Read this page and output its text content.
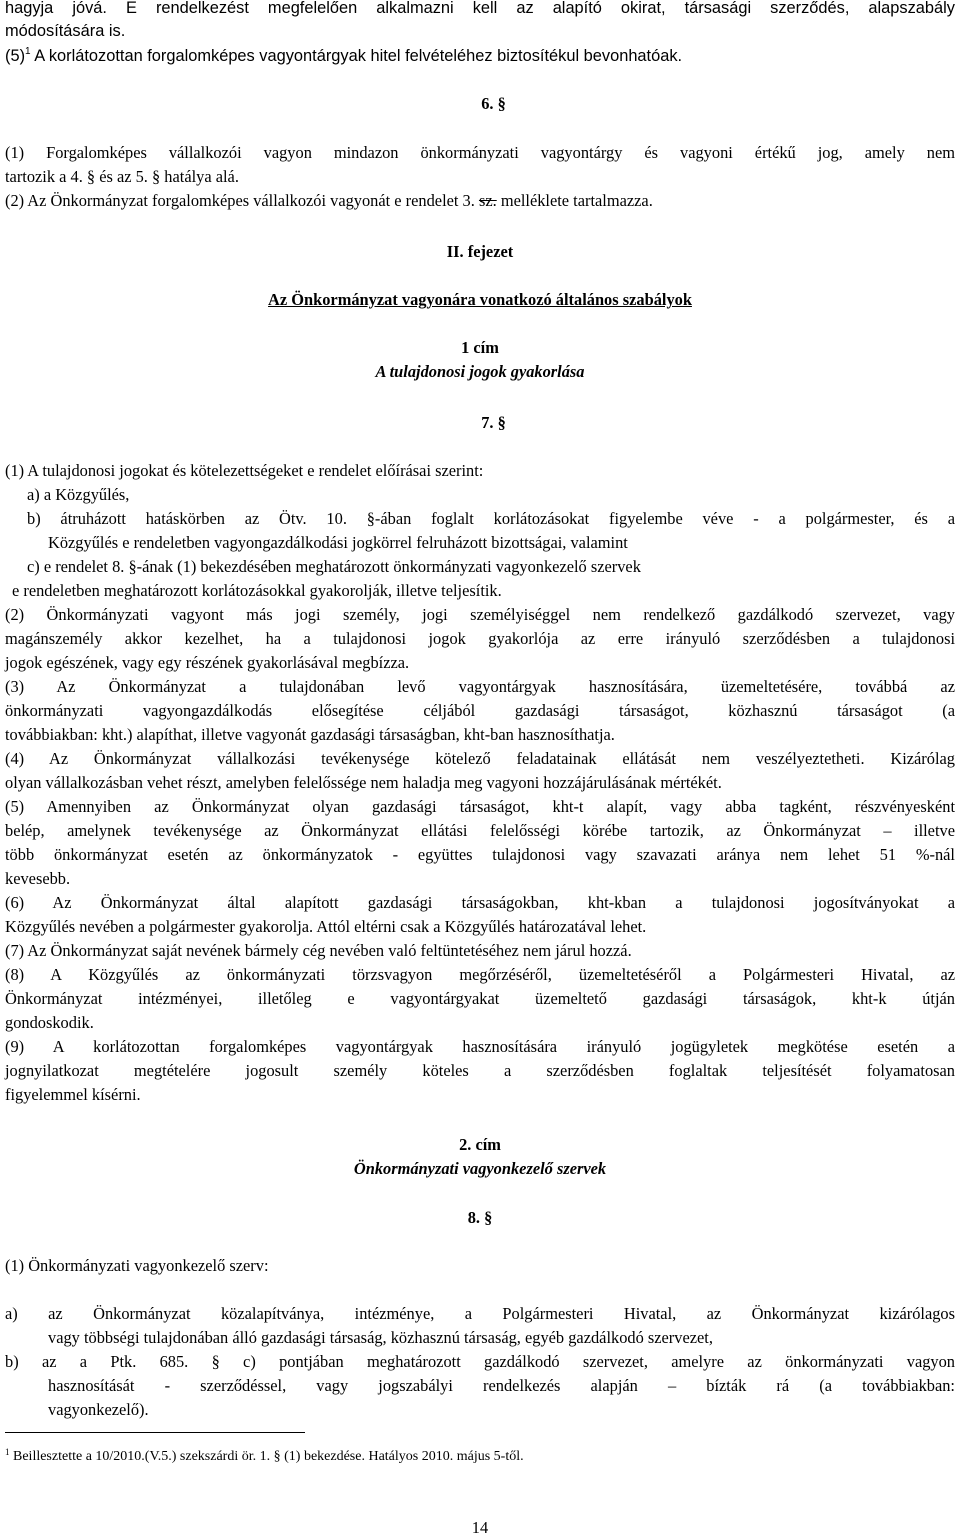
hagyja jóvá. E rendelkezést megfelelően alkalmazni kell az alapító okirat, társasági szerződés, alapszabály
módosítására is.
$(5)^1$ A korlátozottan forgalomképes vagyontárgyak hitel felvételéhez biztosítékul bevonhatóak.
6. §
(1) Forgalomképes vállalkozói vagyon mindazon önkormányzati vagyontárgy és vagyoni értékű jog, amely nem
tartozik a 4. § és az 5. § hatálya alá.
(2) Az Önkormányzat forgalomképes vállalkozói vagyonát e rendelet 3. sz. melléklete tartalmazza.
II. fejezet
Az Önkormányzat vagyonára vonatkozó általános szabályok
1 cím
A tulajdonosi jogok gyakorlása
7. §
(1) A tulajdonosi jogokat és kötelezettségeket e rendelet előírásai szerint:
a) a Közgyűlés,
b) átruházott hatáskörben az Ötv. 10. §-ában foglalt korlátozásokat figyelembe véve - a polgármester, és a
Közgyűlés e rendeletben vagyongazdálkodási jogkörrel felruházott bizottságai, valamint
c) e rendelet 8. §-ának (1) bekezdésében meghatározott önkormányzati vagyonkezelő szervek
e rendeletben meghatározott korlátozásokkal gyakorolják, illetve teljesítik.
(2) Önkormányzati vagyont más jogi személy, jogi személyiséggel nem rendelkező gazdálkodó szervezet, vagy
magánszemély akkor kezelhet, ha a tulajdonosi jogok gyakorlója az erre irányuló szerződésben a tulajdonosi
jogok egészének, vagy egy részének gyakorlásával megbízza.
(3) Az Önkormányzat a tulajdonában levő vagyontárgyak hasznosítására, üzemeltetésére, továbbá az
önkormányzati vagyongazdálkodás elősegítése céljából gazdasági társaságot, közhasznú társaságot (a
továbbiakban: kht.) alapíthat, illetve vagyonát gazdasági társaságban, kht-ban hasznosíthatja.
(4) Az Önkormányzat vállalkozási tevékenysége kötelező feladatainak ellátását nem veszélyeztetheti. Kizárólag
olyan vállalkozásban vehet részt, amelyben felelőssége nem haladja meg vagyoni hozzájárulásának mértékét.
(5) Amennyiben az Önkormányzat olyan gazdasági társaságot, kht-t alapít, vagy abba tagként, részvényesként
belép, amelynek tevékenysége az Önkormányzat ellátási felelősségi körébe tartozik, az Önkormányzat – illetve
több önkormányzat esetén az önkormányzatok - együttes tulajdonosi vagy szavazati aránya nem lehet 51 %-nál
kevesebb.
(6) Az Önkormányzat által alapított gazdasági társaságokban, kht-kban a tulajdonosi jogosítványokat a
Közgyűlés nevében a polgármester gyakorolja. Attól eltérni csak a Közgyűlés határozatával lehet.
(7) Az Önkormányzat saját nevének bármely cég nevében való feltüntetéséhez nem járul hozzá.
(8) A Közgyűlés az önkormányzati törzsvagyon megőrzéséről, üzemeltetéséről a Polgármesteri Hivatal, az
Önkormányzat intézményei, illetőleg e vagyontárgyakat üzemeltető gazdasági társaságok, kht-k útján
gondoskodik.
(9) A korlátozottan forgalomképes vagyontárgyak hasznosítására irányuló jogügyletek megkötése esetén a
jognyilatkozat megtételére jogosult személy köteles a szerződésben foglaltak teljesítését folyamatosan
figyelemmel kísérni.
2. cím
Önkormányzati vagyonkezelő szervek
8. §
(1) Önkormányzati vagyonkezelő szerv:
a) az Önkormányzat közalapítványa, intézménye, a Polgármesteri Hivatal, az Önkormányzat kizárólagos
vagy többségi tulajdonában álló gazdasági társaság, közhasznú társaság, egyéb gazdálkodó szervezet,
b) az a Ptk. 685. § c) pontjában meghatározott gazdálkodó szervezet, amelyre az önkormányzati vagyon
hasznosítását - szerződéssel, vagy jogszabályi rendelkezés alapján – bízták rá (a továbbiakban:
vagyonkezelő).
$^1$ Beillesztette a 10/2010.(V.5.) szekszárdi ör. 1. § (1) bekezdése. Hatályos 2010. május 5-től.
14
